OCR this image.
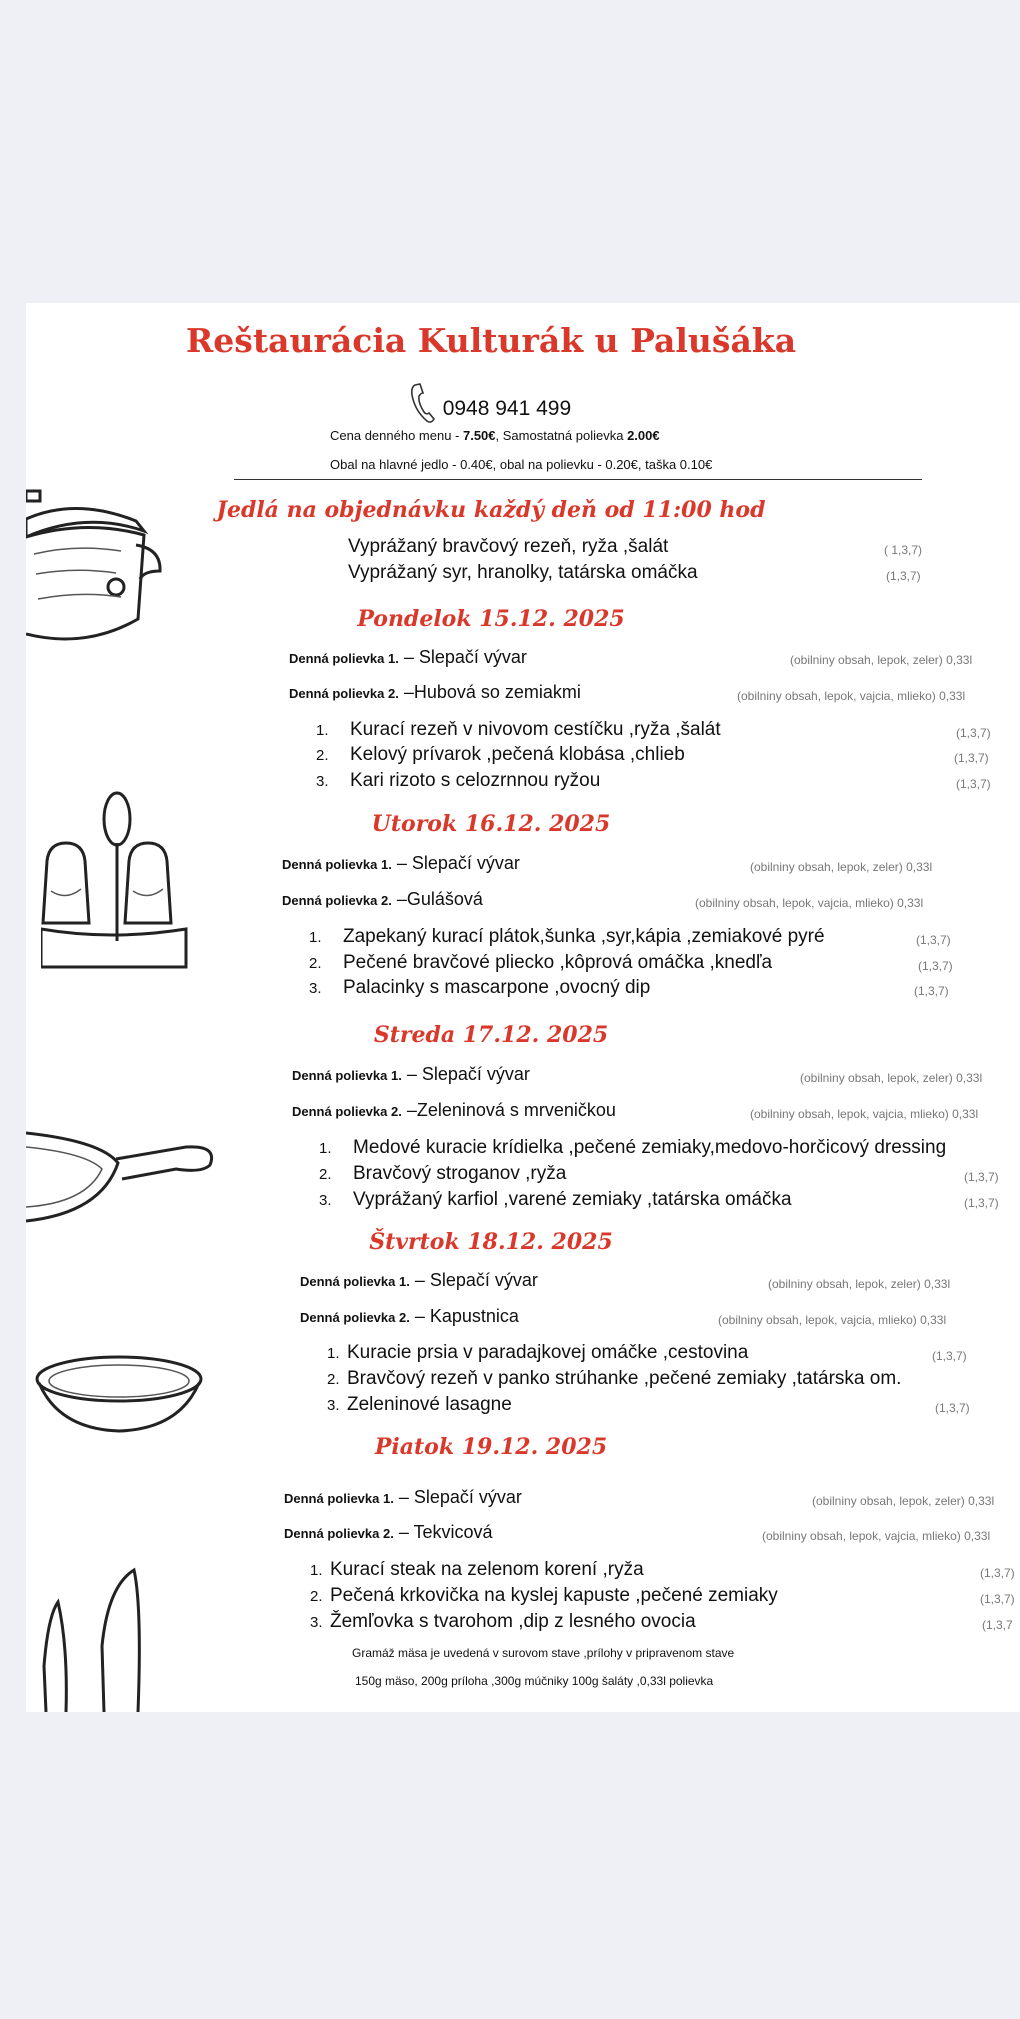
Reštaurácia Kulturák u Palušáka
0948 941 499
Cena denného menu - 7.50€, Samostatná polievka 2.00€
Obal na hlavné jedlo - 0.40€, obal na polievku - 0.20€, taška 0.10€
Jedlá na objednávku každý deň od 11:00 hod
Vyprážaný bravčový rezeň, ryža ,šalát	( 1,3,7)
Vyprážaný syr, hranolky, tatárska omáčka	(1,3,7)
Pondelok 15.12. 2025
Denná polievka 1. – Slepačí vývar	(obilniny obsah, lepok, zeler) 0,33l
Denná polievka 2. –Hubová so zemiakmi	(obilniny obsah, lepok, vajcia, mlieko) 0,33l
1. Kurací rezeň v nivovom cestíčku ,ryža ,šalát	(1,3,7)
2. Kelový prívarok ,pečená klobása ,chlieb	(1,3,7)
3. Kari rizoto s celozrnnou ryžou	(1,3,7)
Utorok 16.12. 2025
Denná polievka 1. – Slepačí vývar	(obilniny obsah, lepok, zeler) 0,33l
Denná polievka 2. –Gulášová	(obilniny obsah, lepok, vajcia, mlieko) 0,33l
1. Zapekaný kurací plátok,šunka ,syr,kápia ,zemiakové pyré	(1,3,7)
2. Pečené bravčové pliecko ,kôprová omáčka ,knedľa	(1,3,7)
3. Palacinky s mascarpone ,ovocný dip	(1,3,7)
Streda 17.12. 2025
Denná polievka 1. – Slepačí vývar	(obilniny obsah, lepok, zeler) 0,33l
Denná polievka 2. –Zeleninová s mrveničkou	(obilniny obsah, lepok, vajcia, mlieko) 0,33l
1. Medové kuracie krídielka ,pečené zemiaky,medovo-horčicový dressing
2. Bravčový stroganov ,ryža	(1,3,7)
3. Vyprážaný karfiol ,varené zemiaky ,tatárska omáčka	(1,3,7)
Štvrtok 18.12. 2025
Denná polievka 1. – Slepačí vývar	(obilniny obsah, lepok, zeler) 0,33l
Denná polievka 2. – Kapustnica	(obilniny obsah, lepok, vajcia, mlieko) 0,33l
1. Kuracie prsia v paradajkovej omáčke ,cestovina	(1,3,7)
2. Bravčový rezeň v panko strúhanke ,pečené zemiaky ,tatárska om.
3. Zeleninové lasagne	(1,3,7)
Piatok 19.12. 2025
Denná polievka 1. – Slepačí vývar	(obilniny obsah, lepok, zeler) 0,33l
Denná polievka 2. – Tekvicová	(obilniny obsah, lepok, vajcia, mlieko) 0,33l
1. Kurací steak na zelenom korení ,ryža	(1,3,7)
2. Pečená krkovička na kyslej kapuste ,pečené zemiaky	(1,3,7)
3. Žemľovka s tvarohom ,dip z lesného ovocia	(1,3,7
Gramáž mäsa je uvedená v surovom stave ,prílohy v pripravenom stave
150g mäso, 200g príloha ,300g múčniky 100g šaláty ,0,33l polievka
